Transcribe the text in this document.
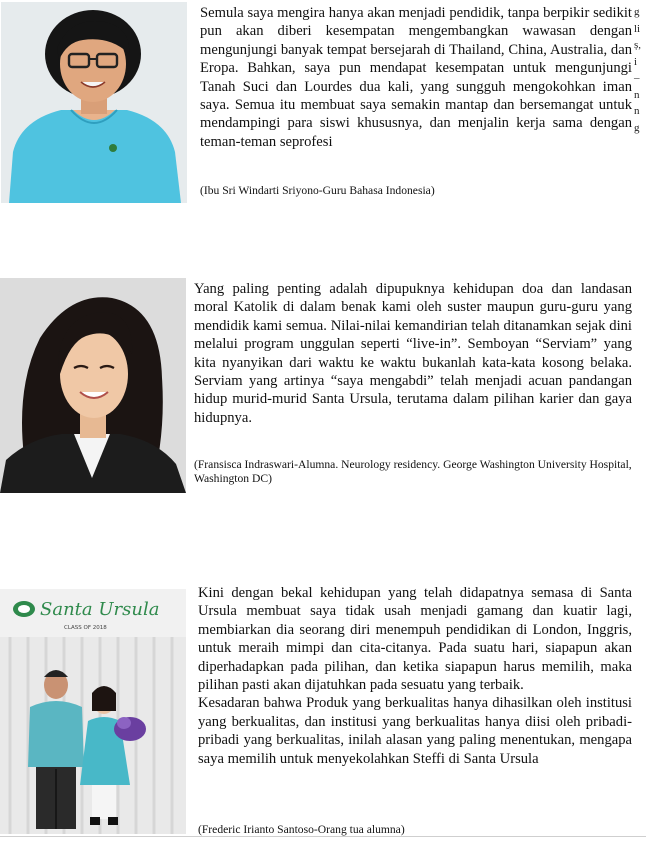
Semula saya mengira hanya akan menjadi pendidik, tanpa berpikir sedikit pun akan diberi kesempatan mengembangkan wawasan dengan mengunjungi banyak tempat bersejarah di Thailand, China, Australia, dan Eropa. Bahkan, saya pun mendapat kesempatan untuk mengunjungi Tanah Suci dan Lourdes dua kali, yang sungguh mengokohkan iman saya. Semua itu membuat saya semakin mantap dan bersemangat untuk mendampingi para siswi khususnya, dan menjalin kerja sama dengan teman-teman seprofesi

(Ibu Sri Windarti Sriyono-Guru Bahasa Indonesia)

g
li
ș,
i
–
n
n
g

Yang paling penting adalah dipupuknya kehidupan doa dan landasan moral Katolik di dalam benak kami oleh suster maupun guru-guru yang mendidik kami semua. Nilai-nilai kemandirian telah ditanamkan sejak dini melalui program unggulan seperti “live-in”. Semboyan “Serviam” yang kita nyanyikan dari waktu ke waktu bukanlah kata-kata kosong belaka. Serviam yang artinya “saya mengabdi” telah menjadi acuan pandangan hidup murid-murid Santa Ursula, terutama dalam pilihan karier dan gaya hidupnya.

(Fransisca Indraswari-Alumna. Neurology residency. George Washington University Hospital, Washington DC)

Santa Ursula
CLASS OF 2018
Kini dengan bekal kehidupan yang telah didapatnya semasa di Santa Ursula membuat saya tidak usah menjadi gamang dan kuatir lagi, membiarkan dia seorang diri menempuh pendidikan di London, Inggris, untuk meraih mimpi dan cita-citanya. Pada suatu hari, siapapun akan diperhadapkan pada pilihan, dan ketika siapapun harus memilih, maka pilihan pasti akan dijatuhkan pada sesuatu yang terbaik.
Kesadaran bahwa Produk yang berkualitas hanya dihasilkan oleh institusi yang berkualitas, dan institusi yang berkualitas hanya diisi oleh pribadi-pribadi yang berkualitas, inilah alasan yang paling menentukan, mengapa saya memilih untuk menyekolahkan Steffi di Santa Ursula

(Frederic Irianto Santoso-Orang tua alumna)
